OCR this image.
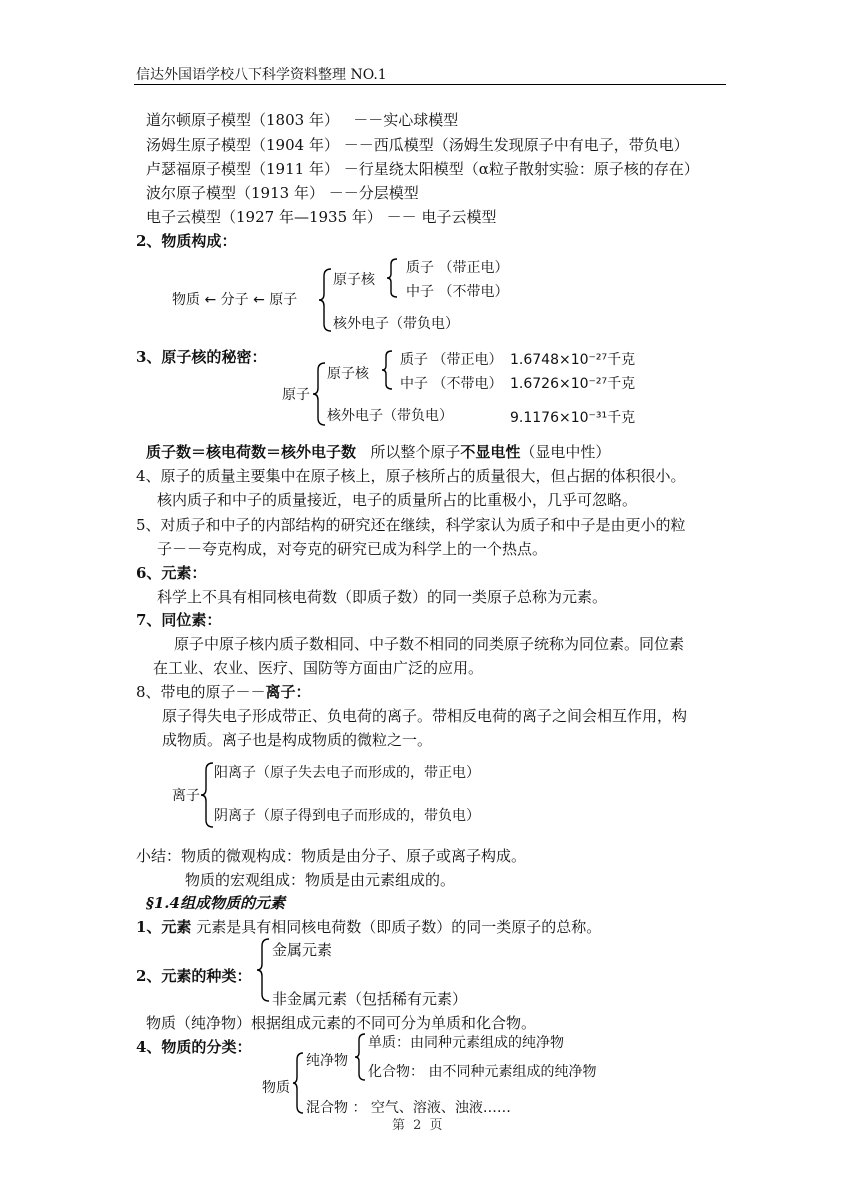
信达外国语学校八下科学资料整理 NO.1
道尔顿原子模型（1803 年） －－实心球模型
汤姆生原子模型（1904 年） －－西瓜模型（汤姆生发现原子中有电子，带负电）
卢瑟福原子模型（1911 年） －行星绕太阳模型（α粒子散射实验：原子核的存在）
波尔原子模型（1913 年） －－分层模型
电子云模型（1927 年—1935 年） －－ 电子云模型
2、物质构成：
物质 ← 分子 ← 原子
原子核
质子 （带正电）
中子 （不带电）
核外电子（带负电）
3、原子核的秘密：
原子
原子核
质子 （带正电） 1.6748×10⁻²⁷千克
中子 （不带电） 1.6726×10⁻²⁷千克
核外电子（带负电）	9.1176×10⁻³¹千克
质子数＝核电荷数＝核外电子数 所以整个原子不显电性（显电中性）
4、原子的质量主要集中在原子核上，原子核所占的质量很大，但占据的体积很小。
核内质子和中子的质量接近，电子的质量所占的比重极小，几乎可忽略。
5、对质子和中子的内部结构的研究还在继续，科学家认为质子和中子是由更小的粒
子－－夸克构成，对夸克的研究已成为科学上的一个热点。
6、元素：
科学上不具有相同核电荷数（即质子数）的同一类原子总称为元素。
7、同位素：
原子中原子核内质子数相同、中子数不相同的同类原子统称为同位素。同位素
在工业、农业、医疗、国防等方面由广泛的应用。
8、带电的原子－－离子：
原子得失电子形成带正、负电荷的离子。带相反电荷的离子之间会相互作用，构
成物质。离子也是构成物质的微粒之一。
离子
阳离子（原子失去电子而形成的，带正电）
阴离子（原子得到电子而形成的，带负电）
小结：物质的微观构成：物质是由分子、原子或离子构成。
物质的宏观组成：物质是由元素组成的。
§1.4组成物质的元素
1、元素 元素是具有相同核电荷数（即质子数）的同一类原子的总称。
2、元素的种类：
金属元素
非金属元素（包括稀有元素）
物质（纯净物）根据组成元素的不同可分为单质和化合物。
4、物质的分类：
物质
纯净物
单质：由同种元素组成的纯净物
化合物： 由不同种元素组成的纯净物
混合物 ： 空气、溶液、浊液……
第 2 页
